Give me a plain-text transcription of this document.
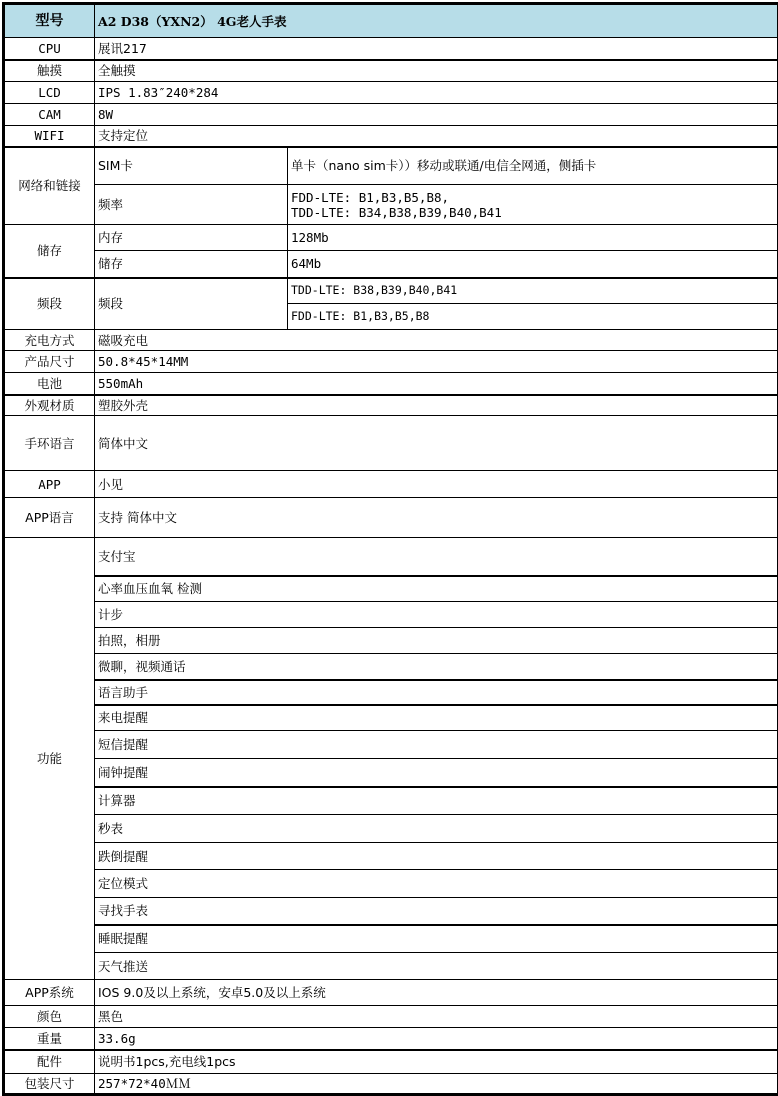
型号	A2 D38（YXN2） 4G老人手表	
CPU	展讯217	
触摸	全触摸	
LCD	IPS 1.83″240*284	
CAM	8W	
WIFI	支持定位	
网络和链接	SIM卡	单卡（nano sim卡））移动或联通/电信全网通，侧插卡
	频率	FDD-LTE: B1,B3,B5,B8,
TDD-LTE: B34,B38,B39,B40,B41

储存	内存	128Mb
	储存	64Mb
频段	频段	TDD-LTE: B38,B39,B40,B41
		FDD-LTE: B1,B3,B5,B8
充电方式	磁吸充电	
产品尺寸	50.8*45*14MM	
电池	550mAh	
外观材质	塑胶外壳	
手环语言	简体中文	
APP	小见	
APP语言	支持 简体中文	
功能	支付宝	
	心率血压血氧 检测	
	计步	
	拍照，相册	
	微聊，视频通话	
	语言助手	
	来电提醒	
	短信提醒	
	闹钟提醒	
	计算器	
	秒表	
	跌倒提醒	
	定位模式	
	寻找手表	
	睡眠提醒	
	天气推送	
APP系统	IOS 9.0及以上系统，安卓5.0及以上系统	
颜色	黑色	
重量	33.6g	
配件	说明书1pcs,充电线1pcs	
包装尺寸	257*72*40ＭＭ	
